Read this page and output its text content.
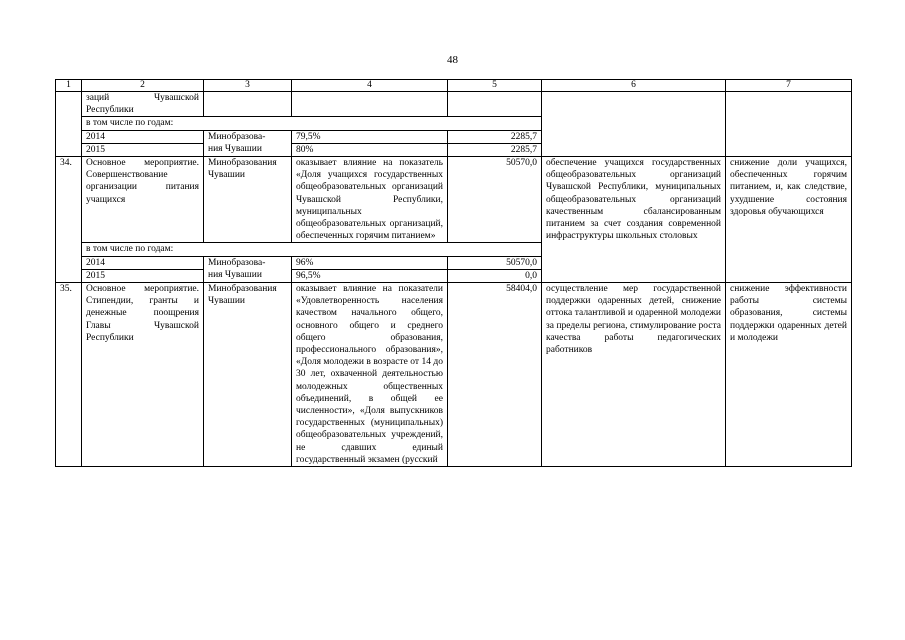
48
1	2	3	4	5	6	7
	заций Чувашской Республики					
	в том числе по годам:					
	2014	Минобразова-	79,5%	2285,7		
	2015	ния Чувашии	80%	2285,7		
34.	Основное мероприятие. Совершенствование организации питания учащихся	Минобразования Чувашии	оказывает влияние на показатель «Доля учащихся государственных общеобразовательных организаций Чувашской Республики, муниципальных общеобразовательных организаций, обеспеченных горячим питанием»	50570,0	обеспечение учащихся государственных общеобразовательных организаций Чувашской Республики, муниципальных общеобразовательных организаций качественным сбалансированным питанием за счет создания современной инфраструктуры школьных столовых	снижение доли учащихся, обеспеченных горячим питанием, и, как следствие, ухудшение состояния здоровья обучающихся
	в том числе по годам:					
	2014	Минобразова-	96%	50570,0		
	2015	ния Чувашии	96,5%	0,0		
35.	Основное мероприятие. Стипендии, гранты и денежные поощрения Главы Чувашской Республики	Минобразования Чувашии	оказывает влияние на показатели «Удовлетворенность населения качеством начального общего, основного общего и среднего общего образования, профессионального образования», «Доля молодежи в возрасте от 14 до 30 лет, охваченной деятельностью молодежных общественных объединений, в общей ее численности», «Доля выпускников государственных (муниципальных) общеобразовательных учреждений, не сдавших единый государственный экзамен (русский	58404,0	осуществление мер государственной поддержки одаренных детей, снижение оттока талантливой и одаренной молодежи за пределы региона, стимулирование роста качества работы педагогических работников	снижение эффективности работы системы образования, системы поддержки одаренных детей и молодежи
